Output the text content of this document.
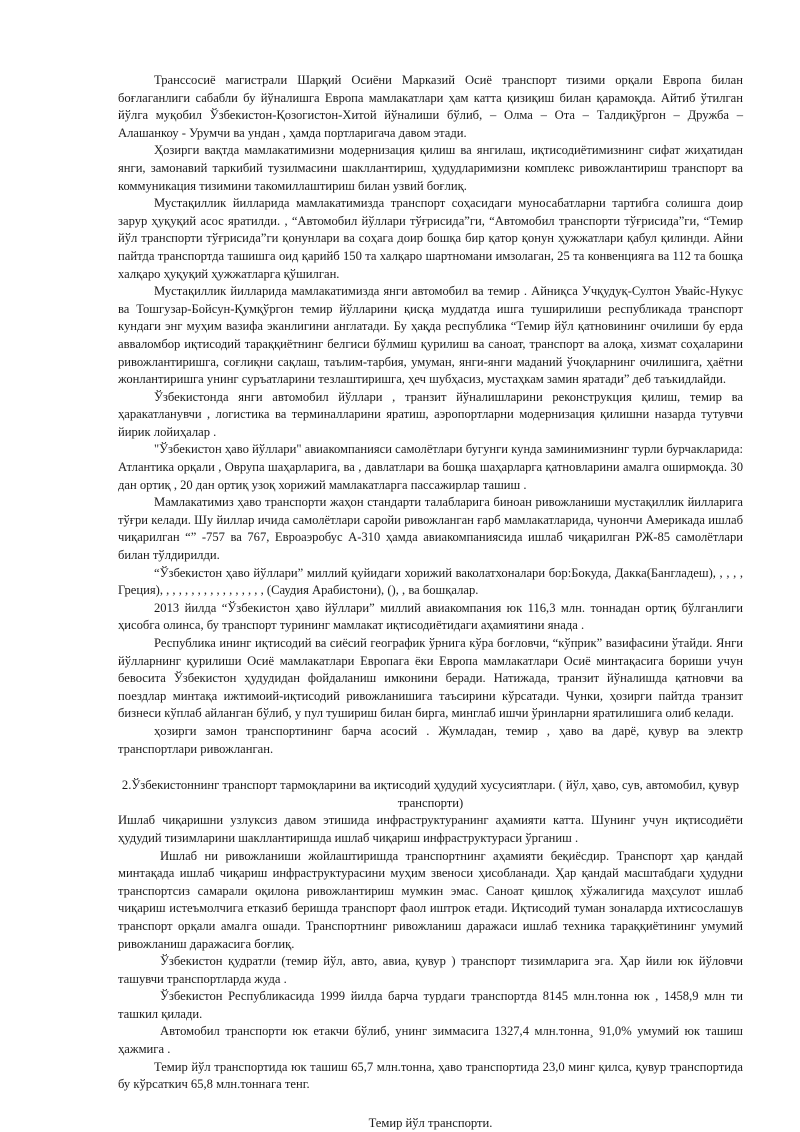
Транссосиё магистрали Шарқий Осиёни Марказий Осиё транспорт тизими орқали Европа билан боғлаганлиги сабабли бу йўналишга Европа мамлакатлари ҳам катта қизиқиш билан қарамоқда. Айтиб ўтилган йўлга муқобил Ўзбекистон-Қозогистон-Хитой йўналиши бўлиб, – Олма – Ота – Талдиқўргон – Дружба – Алашанкоу - Урумчи ва ундан , ҳамда портларигача давом этади.

Ҳозирги вақтда мамлакатимизни модернизация қилиш ва янгилаш, иқтисодиётимизнинг сифат жиҳатидан янги, замонавий таркибий тузилмасини шакллантириш, ҳудудларимизни комплекс ривожлантириш транспорт ва коммуникация тизимини такомиллаштириш билан узвий боғлиқ.

Мустақиллик йилларида мамлакатимизда транспорт соҳасидаги муносабатларни тартибга солишга доир зарур ҳуқуқий асос яратилди. , “Автомобил йўллари тўғрисида”ги, “Автомобил транспорти тўғрисида”ги, “Темир йўл транспорти тўғрисида”ги қонунлари ва соҳага доир бошқа бир қатор қонун ҳужжатлари қабул қилинди. Айни пайтда транспортда ташишга оид қарийб 150 та халқаро шартномани имзолаган, 25 та конвенцияга ва 112 та бошқа халқаро ҳуқуқий ҳужжатларга қўшилган.

Мустақиллик йилларида мамлакатимизда янги автомобил ва темир . Айниқса Учқудуқ-Султон Увайс-Нукус ва Тошгузар-Бойсун-Қумқўргон темир йўлларини қисқа муддатда ишга туширилиши республикада транспорт кундаги энг муҳим вазифа эканлигини англатади. Бу ҳақда республика “Темир йўл қатновининг очилиши бу ерда авваломбор иқтисодий тараққиётнинг белгиси бўлмиш қурилиш ва саноат, транспорт ва алоқа, хизмат соҳаларини ривожлантиришга, соғлиқни сақлаш, таълим-тарбия, умуман, янги-янги маданий ўчоқларнинг очилишига, ҳаётни жонлантиришга унинг суръатларини тезлаштиришга, ҳеч шубҳасиз, мустаҳкам замин яратади” деб таъкидлайди.

Ўзбекистонда янги автомобил йўллари , транзит йўналишларини реконструкция қилиш, темир ва ҳаракатланувчи , логистика ва терминалларини яратиш, аэропортларни модернизация қилишни назарда тутувчи йирик лойиҳалар .

"Ўзбекистон ҳаво йўллари" авиакомпанияси самолётлари бугунги кунда заминимизнинг турли бурчакларида: Атлантика орқали , Оврупа шаҳарларига, ва , давлатлари ва бошқа шаҳарларга қатновларини амалга оширмоқда. 30 дан ортиқ , 20 дан ортиқ узоқ хорижий мамлакатларга пассажирлар ташиш .

Мамлакатимиз ҳаво транспорти жаҳон стандарти талабларига бинoан ривожланиши мустақиллик йилларига тўғри келади. Шу йиллар ичида самолётлари саройи ривожланган ғарб мамлакатларида, чунончи Америкада ишлаб чиқарилган “” -757 ва 767, Евроаэробус А-310 ҳамда авиакомпаниясида ишлаб чиқарилган РЖ-85 самолётлари билан тўлдирилди.

“Ўзбекистон ҳаво йўллари” миллий қуйидаги хорижий ваколатхоналари бор:Бокуда, Дакка(Бангладеш), , , , , Грeция), , , , , , , , , , , , , , , , , (Саудия Арабистони), (), , ва бошқалар.

2013 йилда “Ўзбекистон ҳаво йўллари” миллий авиакомпания юк 116,3 млн. тоннадан ортиқ бўлганлиги ҳисобга олинса, бу транспорт турининг мамлакат иқтисодиётидаги аҳамиятини янада .

Республика ининг иқтисодий ва сиёсий географик ўрнига кўра боғловчи, “кўприк” вазифасини ўтайди. Янги йўлларнинг қурилиши Осиё мамлакатлари Европага ёки Европа мамлакатлари Осиё минтақасига бориши учун бевосита Ўзбекистон ҳудудидан фойдаланиш имконини беради. Натижада, транзит йўналишда қатновчи ва поездлар минтақа ижтимоий-иқтисодий ривожланишига таъсирини кўрсатади. Чунки, ҳозирги пайтда транзит бизнеси кўплаб айланган бўлиб, у пул тушириш билан бирга, минглаб ишчи ўринларни яратилишига олиб келади.

ҳозирги замон транспортининг барча асосий . Жумладан, темир , ҳаво ва дарё, қувур ва электр транспортлари ривожланган.

2.Ўзбекистоннинг транспорт тармоқларини ва иқтисодий ҳудудий хусусиятлари. ( йўл, ҳаво, сув, автомобил, қувур транспорти)

Ишлаб чиқаришни узлуксиз давом этишида инфраструктуранинг аҳамияти катта. Шунинг учун иқтисодиёти ҳудудий тизимларини шакллантиришда ишлаб чиқариш инфраструктураси ўрганиш .

Ишлаб ни ривожланиши жойлаштиришда транспортнинг аҳамияти беқиёсдир. Транспорт ҳар қандай минтақада ишлаб чиқариш инфраструктурасини муҳим звеноси ҳисобланади. Ҳар қандай масштабдаги ҳудудни транспортсиз самарали оқилона ривожлантириш мумкин эмас. Саноат қишлоқ хўжалигида маҳсулот ишлаб чиқариш истеъмолчига етказиб беришда транспорт фаол иштрок етади. Иқтисодий туман зоналарда ихтисослашув транспорт орқали амалга ошади. Транспортнинг ривожланиш даражаси ишлаб техника тараққиётининг умумий ривожланиш даражасига боғлиқ.

Ўзбекистон қудратли (темир йўл, авто, авиа, қувур ) транспорт тизимларига эга. Ҳар йили юк йўловчи ташувчи транспортларда жуда .

Ўзбекистон Республикасида 1999 йилда барча турдаги транспортда 8145 млн.тонна юк , 1458,9 млн ти ташкил қилади.

Автомобил транспорти юк етакчи бўлиб, унинг зиммасига 1327,4 млн.тонна¸ 91,0% умумий юк ташиш ҳажмига .

Темир йўл транспортида юк ташиш 65,7 млн.тонна, ҳаво транспортида 23,0 минг қилса, қувур транспортида бу кўрсаткич 65,8 млн.тоннага тенг.

Темир йўл транспорти.
